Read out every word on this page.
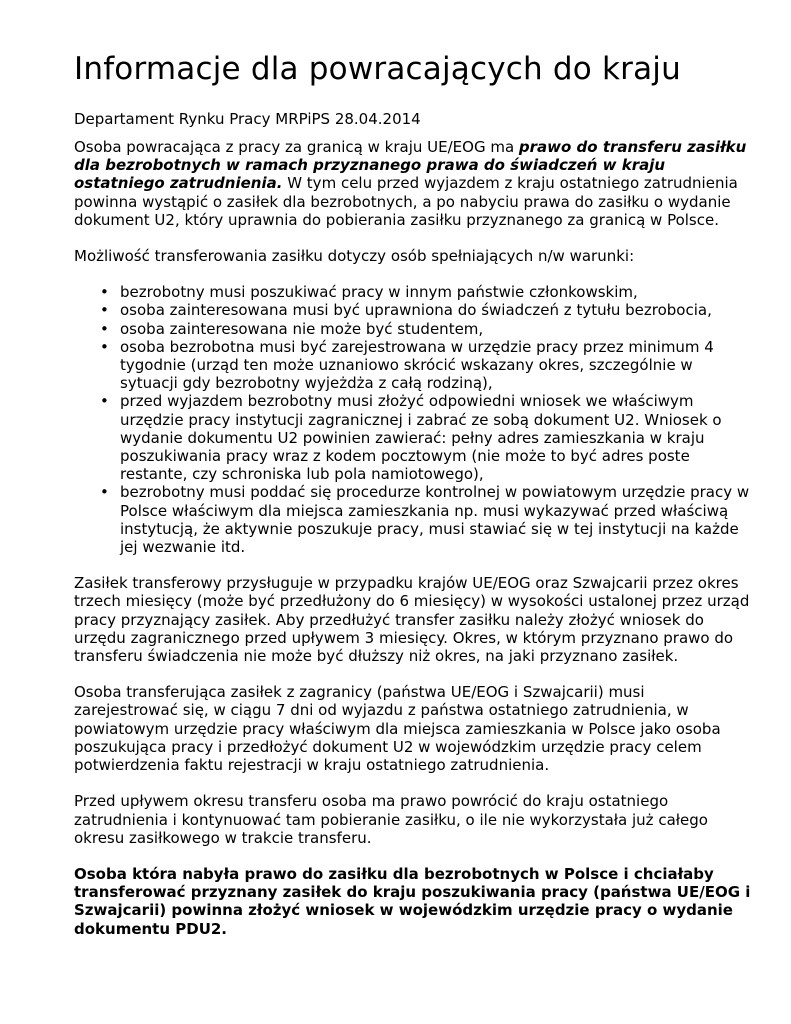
Informacje dla powracających do kraju
Departament Rynku Pracy MRPiPS 28.04.2014

Osoba powracająca z pracy za granicą w kraju UE/EOG ma prawo do transferu zasiłku dla bezrobotnych w ramach przyznanego prawa do świadczeń w kraju ostatniego zatrudnienia. W tym celu przed wyjazdem z kraju ostatniego zatrudnienia powinna wystąpić o zasiłek dla bezrobotnych, a po nabyciu prawa do zasiłku o wydanie dokument U2, który uprawnia do pobierania zasiłku przyznanego za granicą w Polsce.

Możliwość transferowania zasiłku dotyczy osób spełniających n/w warunki:

• bezrobotny musi poszukiwać pracy w innym państwie członkowskim,
• osoba zainteresowana musi być uprawniona do świadczeń z tytułu bezrobocia,
• osoba zainteresowana nie może być studentem,
• osoba bezrobotna musi być zarejestrowana w urzędzie pracy przez minimum 4 tygodnie (urząd ten może uznaniowo skrócić wskazany okres, szczególnie w sytuacji gdy bezrobotny wyjeżdża z całą rodziną),
• przed wyjazdem bezrobotny musi złożyć odpowiedni wniosek we właściwym urzędzie pracy instytucji zagranicznej i zabrać ze sobą dokument U2. Wniosek o wydanie dokumentu U2 powinien zawierać: pełny adres zamieszkania w kraju poszukiwania pracy wraz z kodem pocztowym (nie może to być adres poste restante, czy schroniska lub pola namiotowego),
• bezrobotny musi poddać się procedurze kontrolnej w powiatowym urzędzie pracy w Polsce właściwym dla miejsca zamieszkania np. musi wykazywać przed właściwą instytucją, że aktywnie poszukuje pracy, musi stawiać się w tej instytucji na każde jej wezwanie itd.

Zasiłek transferowy przysługuje w przypadku krajów UE/EOG oraz Szwajcarii przez okres trzech miesięcy (może być przedłużony do 6 miesięcy) w wysokości ustalonej przez urząd pracy przyznający zasiłek. Aby przedłużyć transfer zasiłku należy złożyć wniosek do urzędu zagranicznego przed upływem 3 miesięcy. Okres, w którym przyznano prawo do transferu świadczenia nie może być dłuższy niż okres, na jaki przyznano zasiłek.

Osoba transferująca zasiłek z zagranicy (państwa UE/EOG i Szwajcarii) musi zarejestrować się, w ciągu 7 dni od wyjazdu z państwa ostatniego zatrudnienia, w powiatowym urzędzie pracy właściwym dla miejsca zamieszkania w Polsce jako osoba poszukująca pracy i przedłożyć dokument U2 w wojewódzkim urzędzie pracy celem potwierdzenia faktu rejestracji w kraju ostatniego zatrudnienia.

Przed upływem okresu transferu osoba ma prawo powrócić do kraju ostatniego zatrudnienia i kontynuować tam pobieranie zasiłku, o ile nie wykorzystała już całego okresu zasiłkowego w trakcie transferu.

Osoba która nabyła prawo do zasiłku dla bezrobotnych w Polsce i chciałaby transferować przyznany zasiłek do kraju poszukiwania pracy (państwa UE/EOG i Szwajcarii) powinna złożyć wniosek w wojewódzkim urzędzie pracy o wydanie dokumentu PDU2.
